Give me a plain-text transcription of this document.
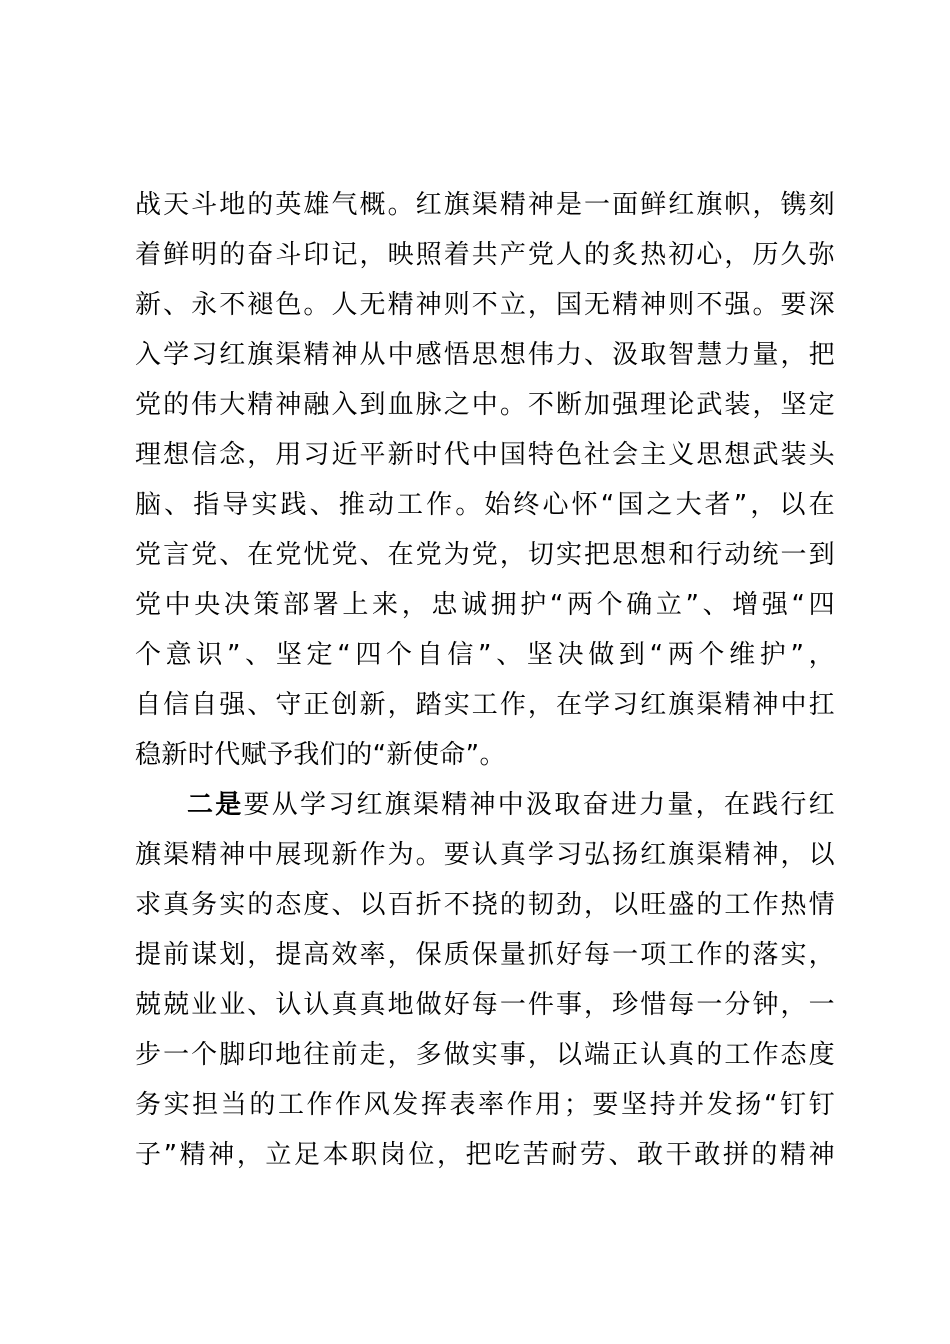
战天斗地的英雄气概。红旗渠精神是一面鲜红旗帜，镌刻
着鲜明的奋斗印记，映照着共产党人的炙热初心，历久弥
新、永不褪色。人无精神则不立，国无精神则不强。要深
入学习红旗渠精神从中感悟思想伟力、汲取智慧力量，把
党的伟大精神融入到血脉之中。不断加强理论武装，坚定
理想信念，用习近平新时代中国特色社会主义思想武装头
脑、指导实践、推动工作。始终心怀“国之大者”，以在
党言党、在党忧党、在党为党，切实把思想和行动统一到
党中央决策部署上来，忠诚拥护“两个确立”、增强“四
个意识”、坚定“四个自信”、坚决做到“两个维护”，
自信自强、守正创新，踏实工作，在学习红旗渠精神中扛
稳新时代赋予我们的“新使命”。
二是要从学习红旗渠精神中汲取奋进力量，在践行红
旗渠精神中展现新作为。要认真学习弘扬红旗渠精神，以
求真务实的态度、以百折不挠的韧劲，以旺盛的工作热情
提前谋划，提高效率，保质保量抓好每一项工作的落实，
兢兢业业、认认真真地做好每一件事，珍惜每一分钟，一
步一个脚印地往前走，多做实事，以端正认真的工作态度
务实担当的工作作风发挥表率作用；要坚持并发扬“钉钉
子”精神，立足本职岗位，把吃苦耐劳、敢干敢拼的精神
